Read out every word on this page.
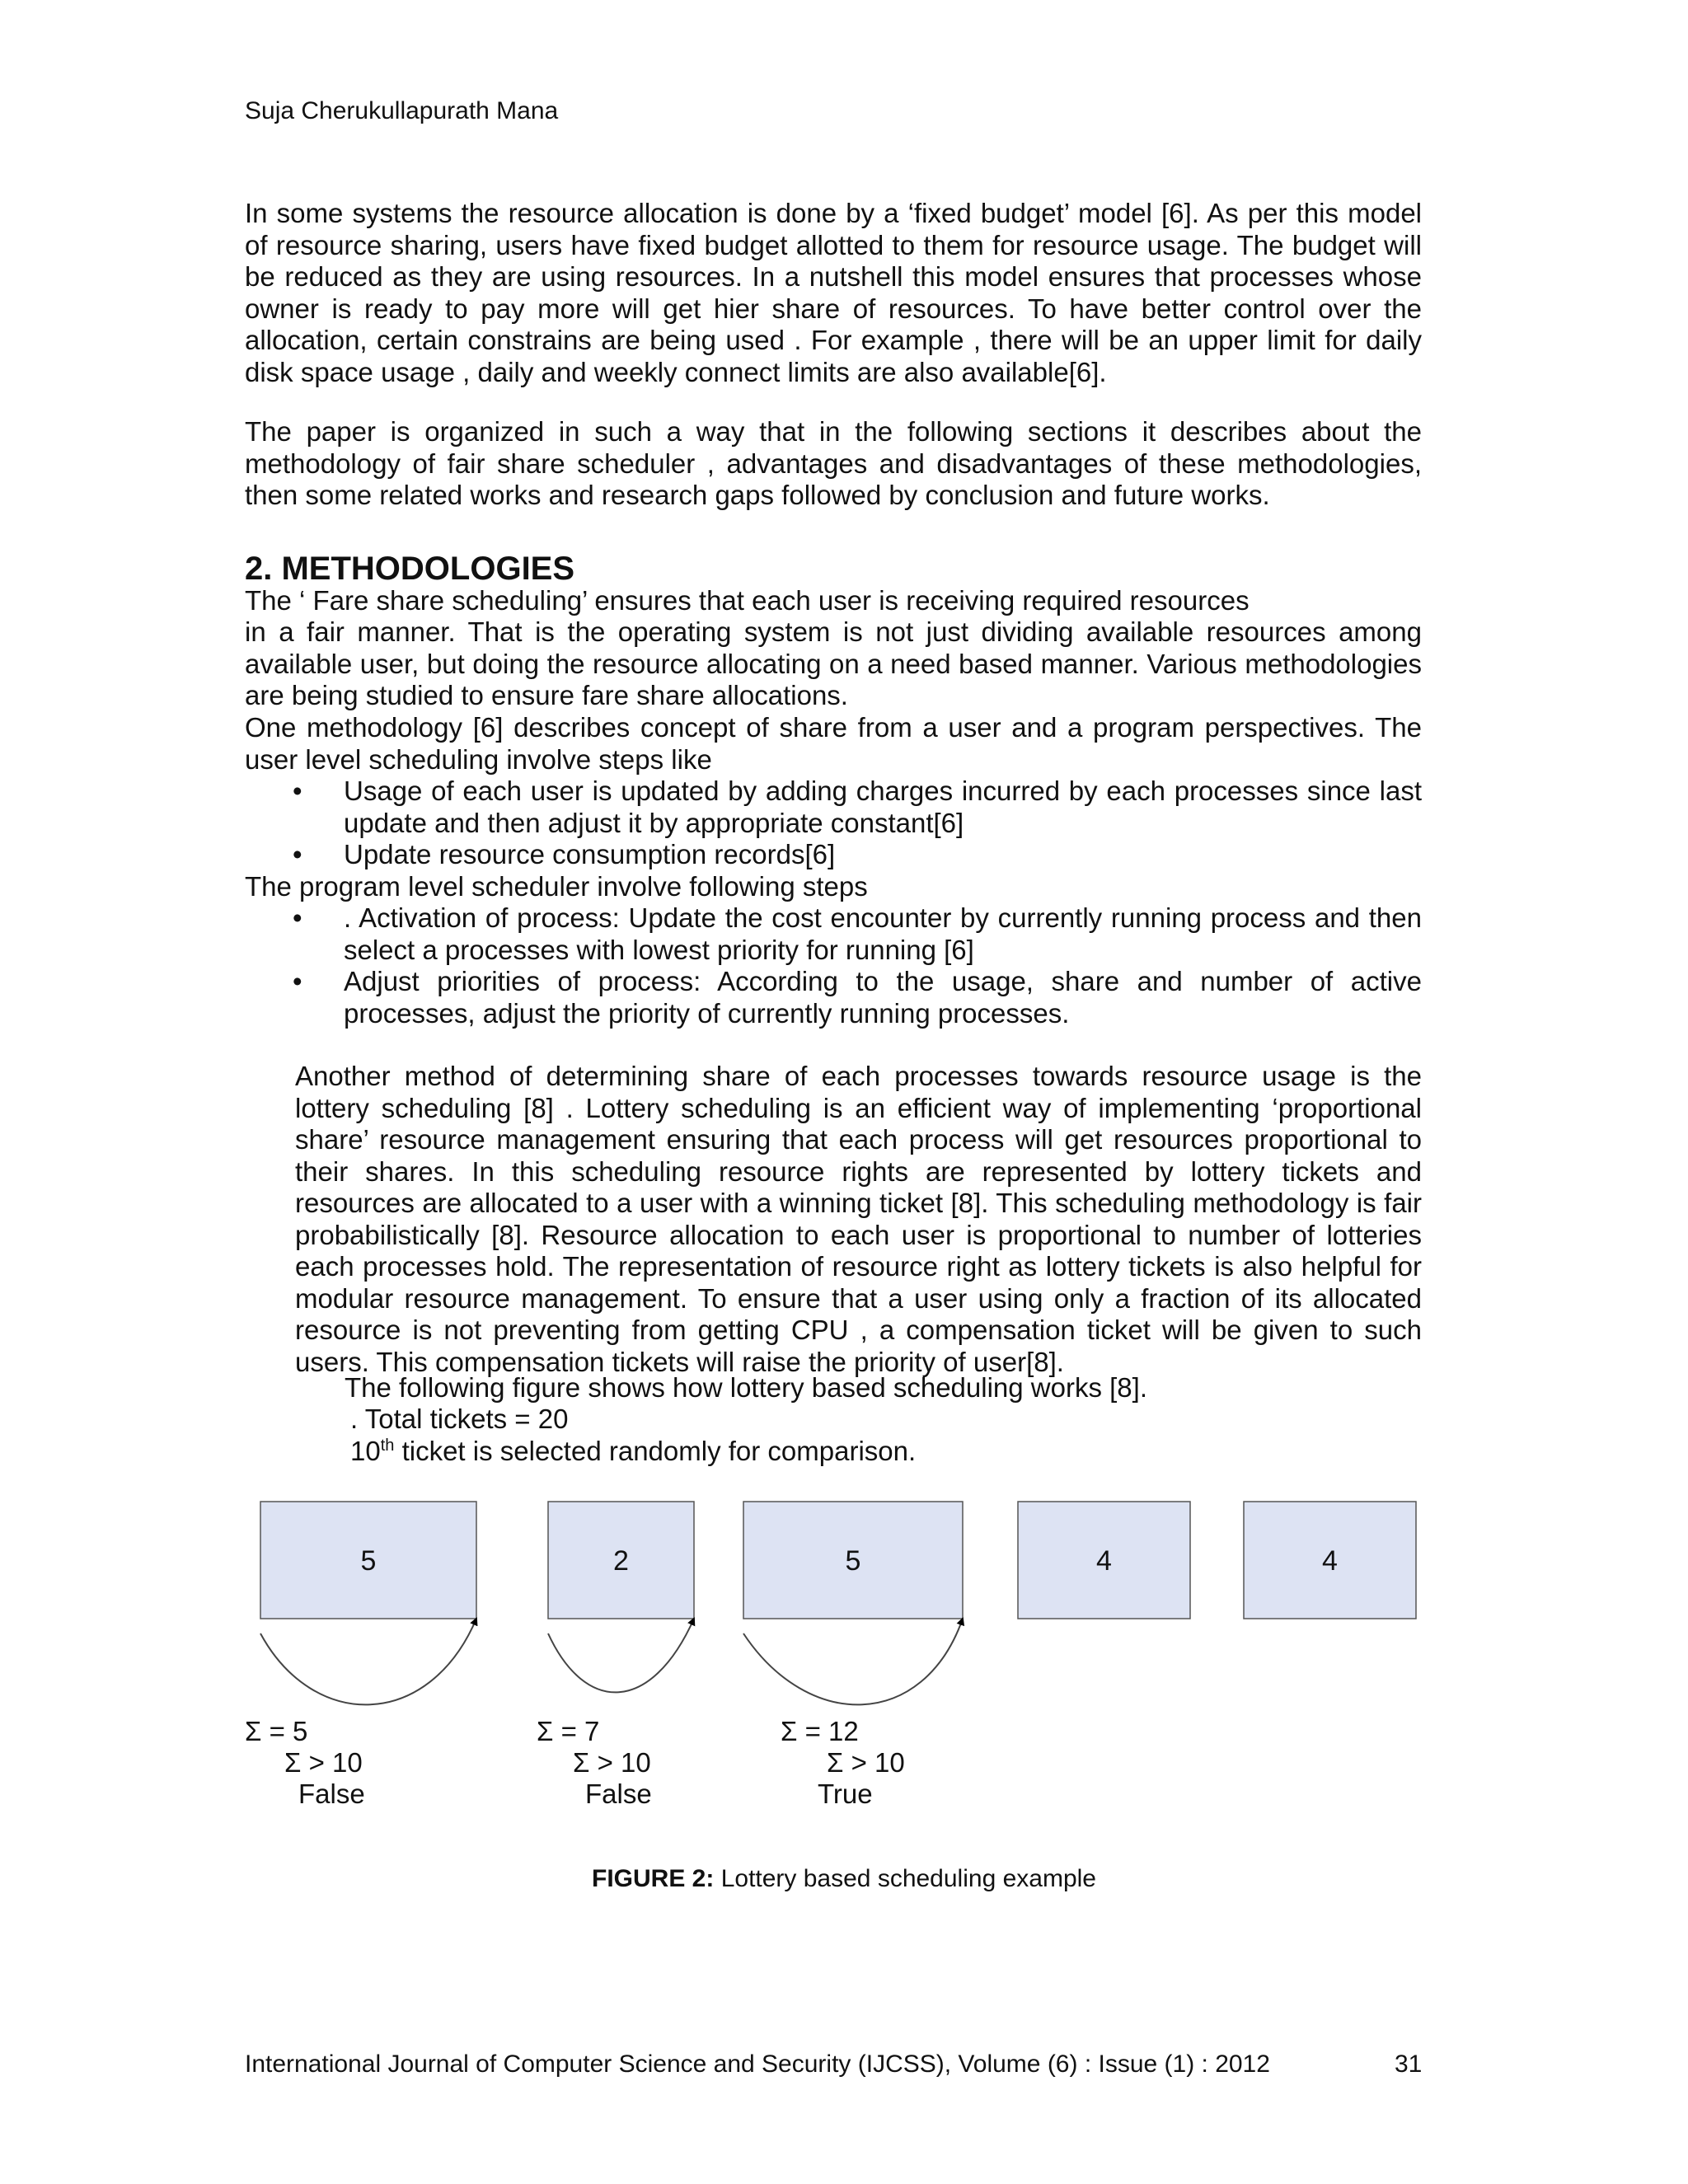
Suja Cherukullapurath Mana

In some systems the resource allocation is done by a ‘fixed budget’ model [6]. As per this model of resource sharing, users have fixed budget allotted to them for resource usage. The budget will be reduced as they are using resources. In a nutshell this model ensures that processes whose owner is ready to pay more will get hier share of resources. To have better control over the allocation, certain constrains are being used . For example , there will be an upper limit for daily disk space usage , daily and weekly connect limits are also available[6].

The paper is organized in such a way that in the following sections it describes about the methodology of fair share scheduler , advantages and disadvantages of these methodologies, then some related works and research gaps followed by conclusion and future works.

2. METHODOLOGIES

The ‘ Fare share scheduling’ ensures that each user is receiving required resources

in a fair manner. That is the operating system is not just dividing available resources among available user, but doing the resource allocating on a need based manner. Various methodologies are being studied to ensure fare share allocations.

One methodology [6] describes concept of share from a user and a program perspectives. The user level scheduling involve steps like

• Usage of each user is updated by adding charges incurred by each processes since last update and then adjust it by appropriate constant[6]
• Update resource consumption records[6]

The program level scheduler involve following steps

• . Activation of process: Update the cost encounter by currently running process and then select a processes with lowest priority for running [6]
• Adjust priorities of process: According to the usage, share and number of active processes, adjust the priority of currently running processes.

Another method of determining share of each processes towards resource usage is the lottery scheduling [8] . Lottery scheduling is an efficient way of implementing ‘proportional share’ resource management ensuring that each process will get resources proportional to their shares. In this scheduling resource rights are represented by lottery tickets and resources are allocated to a user with a winning ticket [8]. This scheduling methodology is fair probabilistically [8]. Resource allocation to each user is proportional to number of lotteries each processes hold. The representation of resource right as lottery tickets is also helpful for modular resource management. To ensure that a user using only a fraction of its allocated resource is not preventing from getting CPU , a compensation ticket will be given to such users. This compensation tickets will raise the priority of user[8].

The following figure shows how lottery based scheduling works [8].

. Total tickets = 20

10th ticket is selected randomly for comparison.

5	2	5	4	4
Σ = 5
Σ > 10
False
Σ = 7
Σ > 10
False
Σ = 12
Σ > 10
True
FIGURE 2: Lottery based scheduling example
International Journal of Computer Science and Security (IJCSS), Volume (6) : Issue (1) : 2012	31
